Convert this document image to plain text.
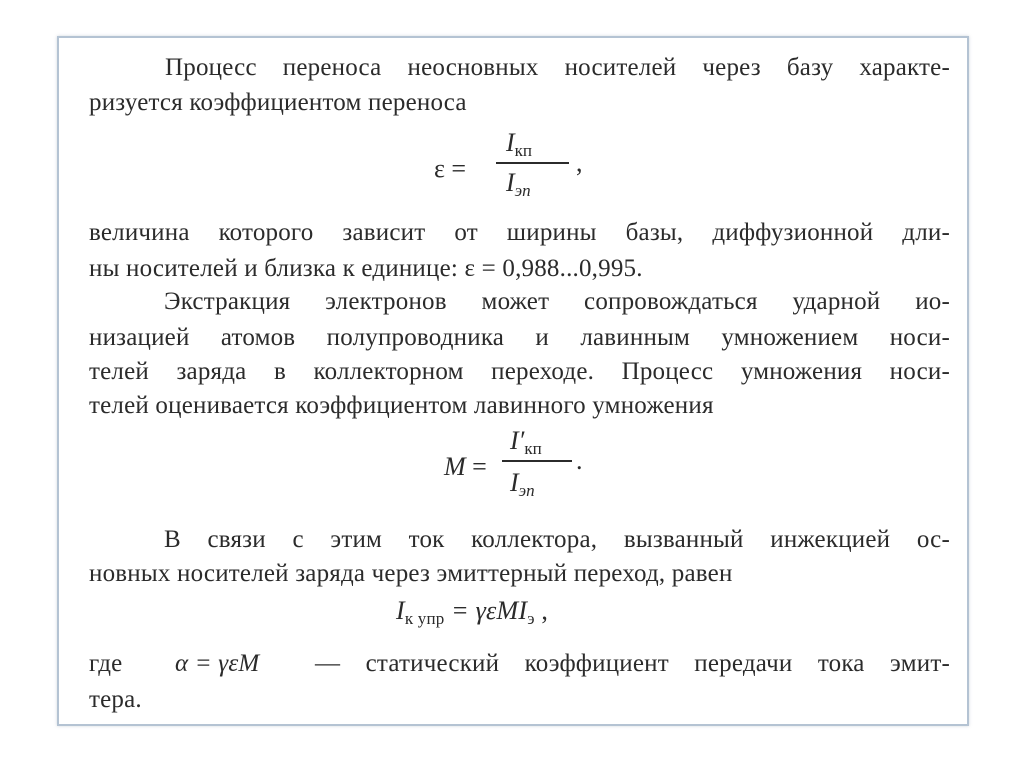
Процесс переноса неосновных носителей через базу характе-
ризуется коэффициентом переноса
ε =
$I_{кп}$
Iэп
,
величина которого зависит от ширины базы, диффузионной дли-
ны носителей и близка к единице: ε = 0,988...0,995.
Экстракция электронов может сопровождаться ударной ио-
низацией атомов полупроводника и лавинным умножением носи-
телей заряда в коллекторном переходе. Процесс умножения носи-
телей оценивается коэффициентом лавинного умножения
M =
$I'_{кп}$
Iэп
.
В связи с этим ток коллектора, вызванный инжекцией ос-
новных носителей заряда через эмиттерный переход, равен
$I_{к упр} = \gamma\varepsilon MI_э$ ,
где α = γεM — статический коэффициент передачи тока эмит-
тера.
